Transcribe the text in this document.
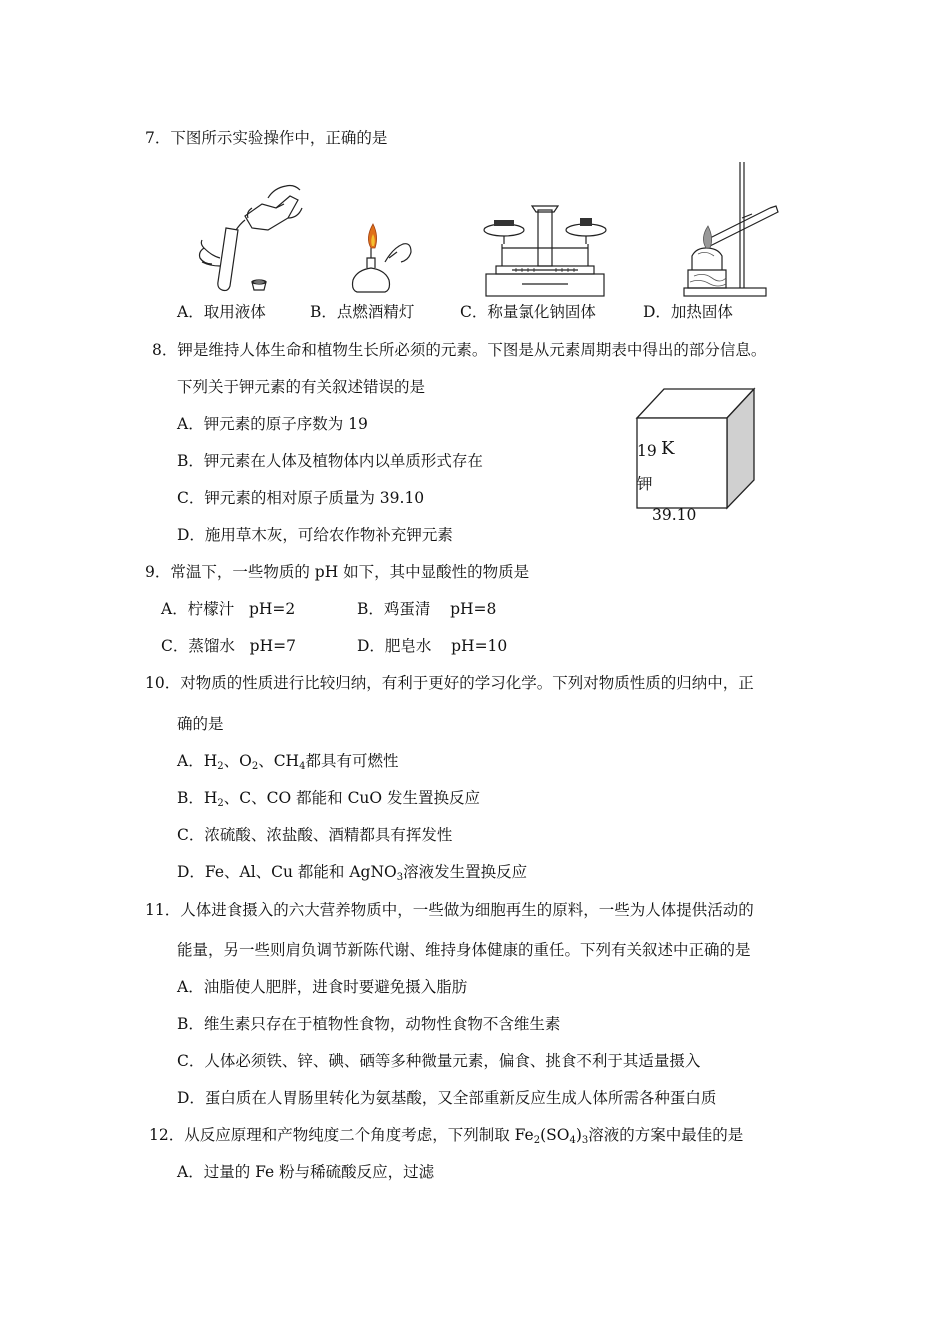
7．下图所示实验操作中，正确的是
A．取用液体	B．点燃酒精灯	C．称量氯化钠固体	D．加热固体
8．钾是维持人体生命和植物生长所必须的元素。下图是从元素周期表中得出的部分信息。
下列关于钾元素的有关叙述错误的是
A．钾元素的原子序数为 19
B．钾元素在人体及植物体内以单质形式存在
C．钾元素的相对原子质量为 39.10
D．施用草木灰，可给农作物补充钾元素
19 K
钾
39.10
9．常温下，一些物质的 pH 如下，其中显酸性的物质是
A．柠檬汁   pH=2	B．鸡蛋清    pH=8
C．蒸馏水   pH=7	D．肥皂水    pH=10
10．对物质的性质进行比较归纳，有利于更好的学习化学。下列对物质性质的归纳中，正
确的是
A．$H_2$、$O_2$、$CH_4$都具有可燃性
B．$H_2$、C、CO 都能和 CuO 发生置换反应
C．浓硫酸、浓盐酸、酒精都具有挥发性
D．Fe、Al、Cu 都能和 AgNO$_3$溶液发生置换反应
11．人体进食摄入的六大营养物质中，一些做为细胞再生的原料，一些为人体提供活动的
能量，另一些则肩负调节新陈代谢、维持身体健康的重任。下列有关叙述中正确的是
A．油脂使人肥胖，进食时要避免摄入脂肪
B．维生素只存在于植物性食物，动物性食物不含维生素
C．人体必须铁、锌、碘、硒等多种微量元素，偏食、挑食不利于其适量摄入
D．蛋白质在人胃肠里转化为氨基酸，又全部重新反应生成人体所需各种蛋白质
12．从反应原理和产物纯度二个角度考虑，下列制取 $Fe_2(SO_4)_3$溶液的方案中最佳的是
A．过量的 Fe 粉与稀硫酸反应，过滤
